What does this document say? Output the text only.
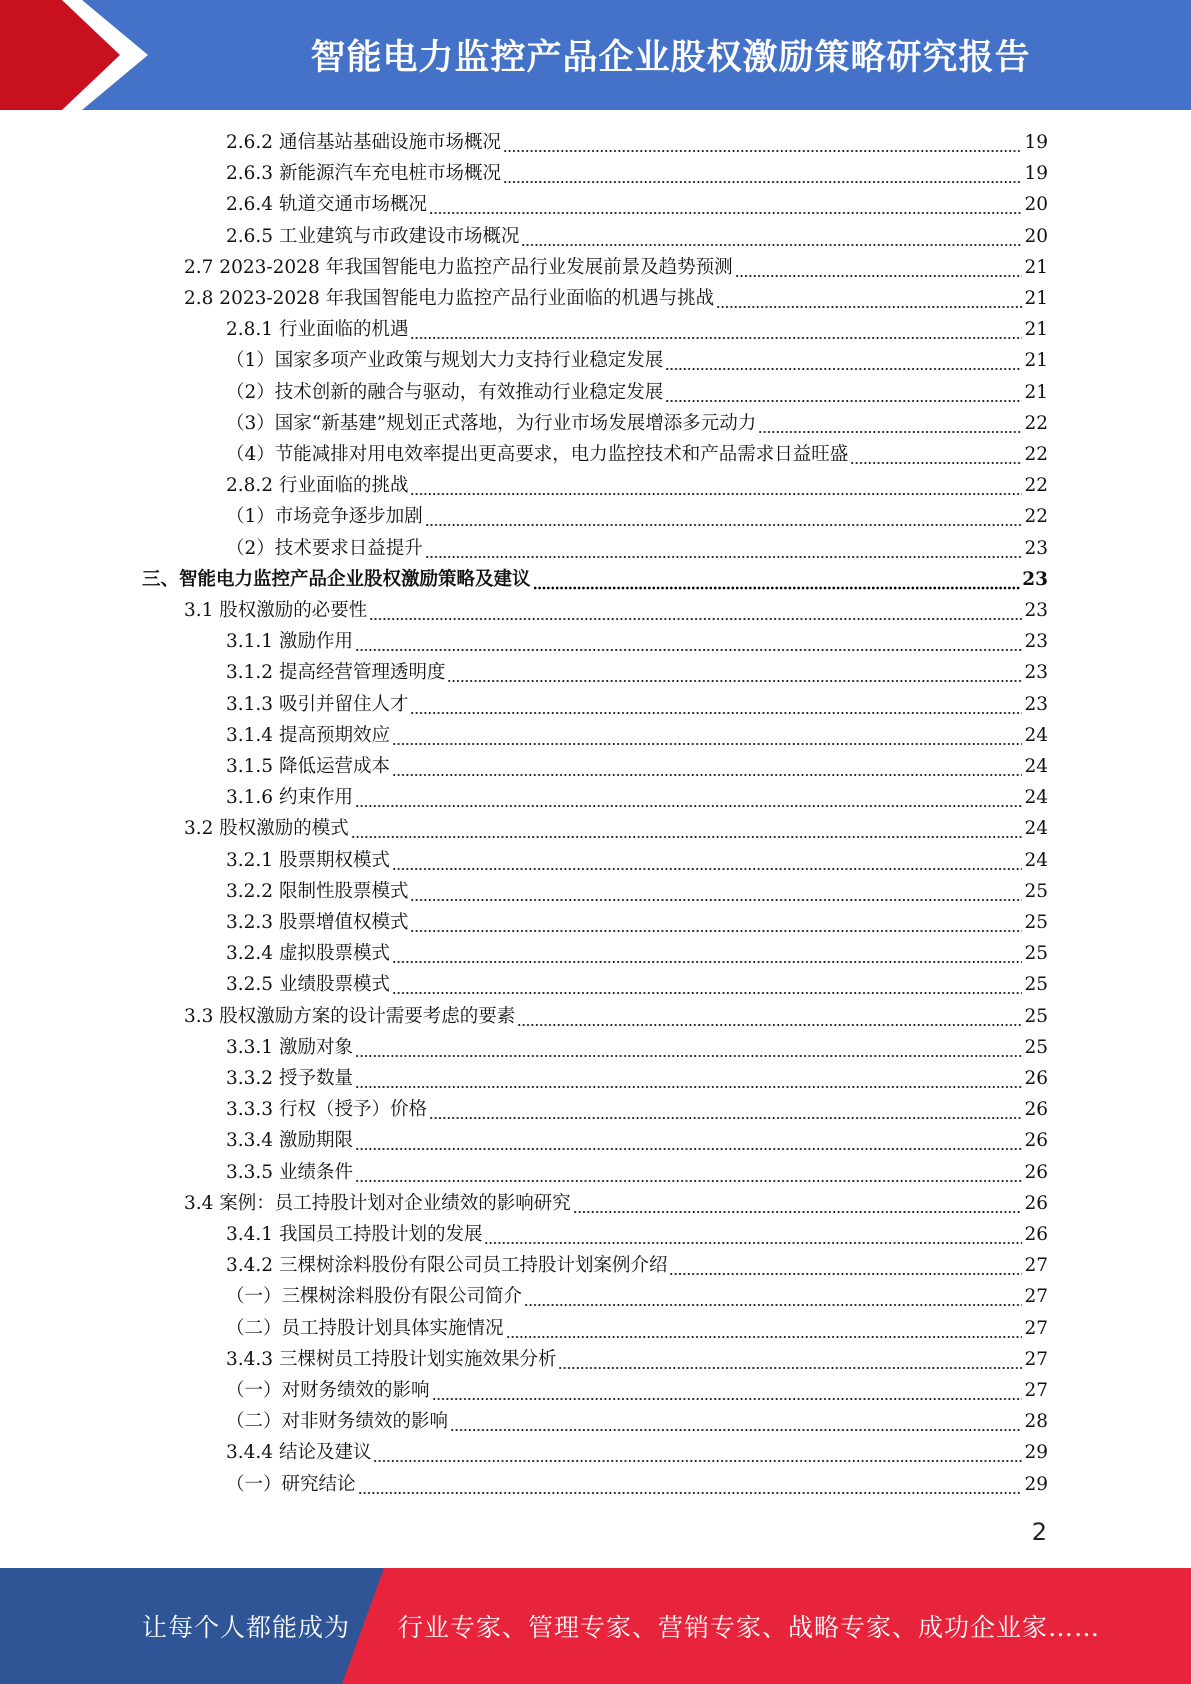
智能电力监控产品企业股权激励策略研究报告
2.6.2 通信基站基础设施市场概况	19
2.6.3 新能源汽车充电桩市场概况	19
2.6.4 轨道交通市场概况	20
2.6.5 工业建筑与市政建设市场概况	20
2.7 2023-2028 年我国智能电力监控产品行业发展前景及趋势预测	21
2.8 2023-2028 年我国智能电力监控产品行业面临的机遇与挑战	21
2.8.1 行业面临的机遇	21
（1）国家多项产业政策与规划大力支持行业稳定发展	21
（2）技术创新的融合与驱动，有效推动行业稳定发展	21
（3）国家“新基建”规划正式落地，为行业市场发展增添多元动力	22
（4）节能减排对用电效率提出更高要求，电力监控技术和产品需求日益旺盛	22
2.8.2 行业面临的挑战	22
（1）市场竞争逐步加剧	22
（2）技术要求日益提升	23
三、智能电力监控产品企业股权激励策略及建议	23
3.1 股权激励的必要性	23
3.1.1 激励作用	23
3.1.2 提高经营管理透明度	23
3.1.3 吸引并留住人才	23
3.1.4 提高预期效应	24
3.1.5 降低运营成本	24
3.1.6 约束作用	24
3.2 股权激励的模式	24
3.2.1 股票期权模式	24
3.2.2 限制性股票模式	25
3.2.3 股票增值权模式	25
3.2.4 虚拟股票模式	25
3.2.5 业绩股票模式	25
3.3 股权激励方案的设计需要考虑的要素	25
3.3.1 激励对象	25
3.3.2 授予数量	26
3.3.3 行权（授予）价格	26
3.3.4 激励期限	26
3.3.5 业绩条件	26
3.4 案例：员工持股计划对企业绩效的影响研究	26
3.4.1 我国员工持股计划的发展	26
3.4.2 三棵树涂料股份有限公司员工持股计划案例介绍	27
（一）三棵树涂料股份有限公司简介	27
（二）员工持股计划具体实施情况	27
3.4.3 三棵树员工持股计划实施效果分析	27
（一）对财务绩效的影响	27
（二）对非财务绩效的影响	28
3.4.4 结论及建议	29
（一）研究结论	29
2
让每个人都能成为 行业专家、管理专家、营销专家、战略专家、成功企业家……
